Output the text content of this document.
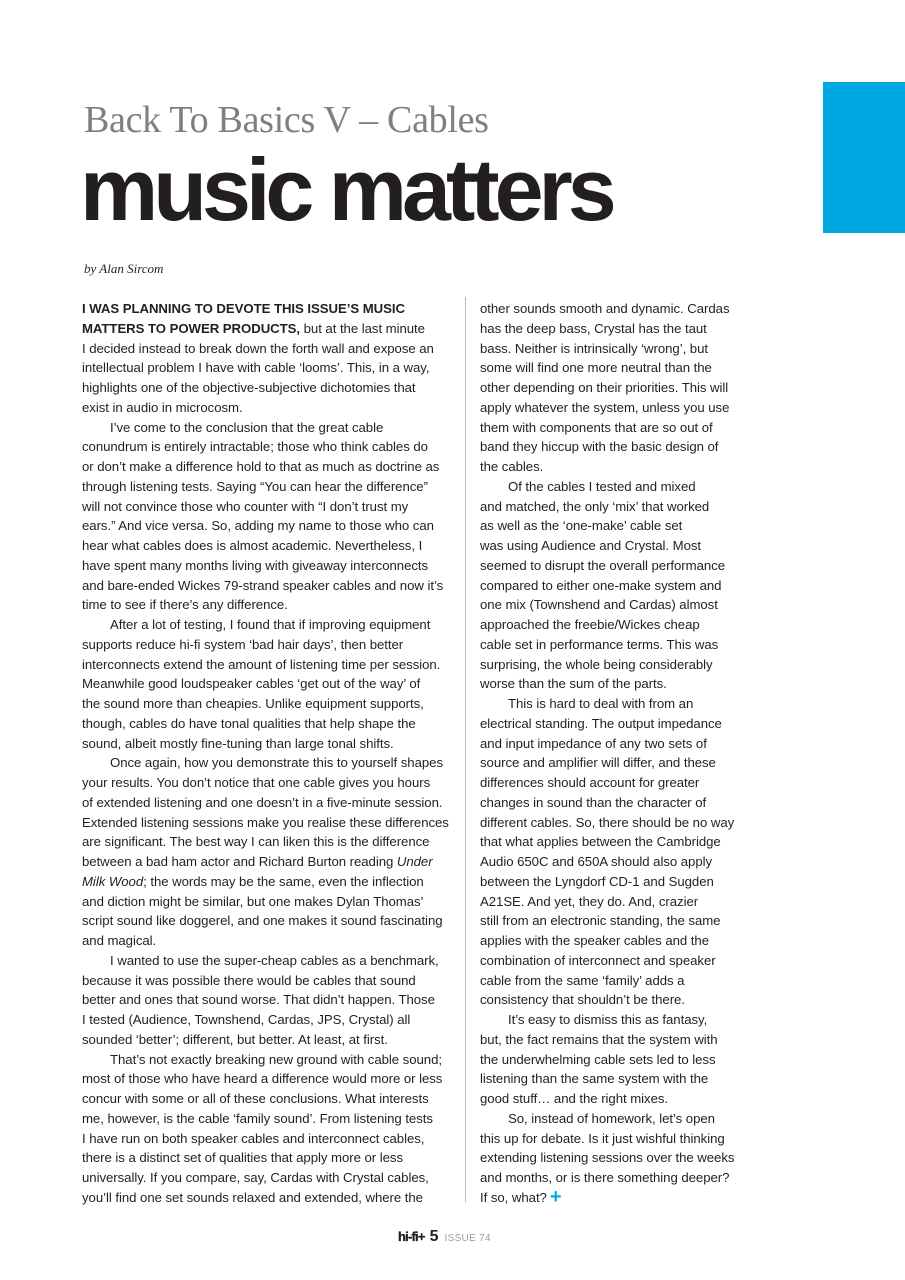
Back To Basics V – Cables
music matters

by Alan Sircom

I WAS PLANNING TO DEVOTE THIS ISSUE’S MUSIC
MATTERS TO POWER PRODUCTS, but at the last minute
I decided instead to break down the forth wall and expose an
intellectual problem I have with cable ‘looms’. This, in a way,
highlights one of the objective-subjective dichotomies that
exist in audio in microcosm.
I’ve come to the conclusion that the great cable
conundrum is entirely intractable; those who think cables do
or don’t make a difference hold to that as much as doctrine as
through listening tests. Saying “You can hear the difference”
will not convince those who counter with “I don’t trust my
ears.” And vice versa. So, adding my name to those who can
hear what cables does is almost academic. Nevertheless, I
have spent many months living with giveaway interconnects
and bare-ended Wickes 79-strand speaker cables and now it’s
time to see if there’s any difference.
After a lot of testing, I found that if improving equipment
supports reduce hi-fi system ‘bad hair days’, then better
interconnects extend the amount of listening time per session.
Meanwhile good loudspeaker cables ‘get out of the way’ of
the sound more than cheapies. Unlike equipment supports,
though, cables do have tonal qualities that help shape the
sound, albeit mostly fine-tuning than large tonal shifts.
Once again, how you demonstrate this to yourself shapes
your results. You don’t notice that one cable gives you hours
of extended listening and one doesn’t in a five-minute session.
Extended listening sessions make you realise these differences
are significant. The best way I can liken this is the difference
between a bad ham actor and Richard Burton reading Under
Milk Wood; the words may be the same, even the inflection
and diction might be similar, but one makes Dylan Thomas’
script sound like doggerel, and one makes it sound fascinating
and magical.
I wanted to use the super-cheap cables as a benchmark,
because it was possible there would be cables that sound
better and ones that sound worse. That didn’t happen. Those
I tested (Audience, Townshend, Cardas, JPS, Crystal) all
sounded ‘better’; different, but better. At least, at first.
That’s not exactly breaking new ground with cable sound;
most of those who have heard a difference would more or less
concur with some or all of these conclusions. What interests
me, however, is the cable ‘family sound’. From listening tests
I have run on both speaker cables and interconnect cables,
there is a distinct set of qualities that apply more or less
universally. If you compare, say, Cardas with Crystal cables,
you’ll find one set sounds relaxed and extended, where the
other sounds smooth and dynamic. Cardas
has the deep bass, Crystal has the taut
bass. Neither is intrinsically ‘wrong’, but
some will find one more neutral than the
other depending on their priorities. This will
apply whatever the system, unless you use
them with components that are so out of
band they hiccup with the basic design of
the cables.
Of the cables I tested and mixed
and matched, the only ‘mix’ that worked
as well as the ‘one-make’ cable set
was using Audience and Crystal. Most
seemed to disrupt the overall performance
compared to either one-make system and
one mix (Townshend and Cardas) almost
approached the freebie/Wickes cheap
cable set in performance terms. This was
surprising, the whole being considerably
worse than the sum of the parts.
This is hard to deal with from an
electrical standing. The output impedance
and input impedance of any two sets of
source and amplifier will differ, and these
differences should account for greater
changes in sound than the character of
different cables. So, there should be no way
that what applies between the Cambridge
Audio 650C and 650A should also apply
between the Lyngdorf CD-1 and Sugden
A21SE. And yet, they do. And, crazier
still from an electronic standing, the same
applies with the speaker cables and the
combination of interconnect and speaker
cable from the same ‘family’ adds a
consistency that shouldn’t be there.
It’s easy to dismiss this as fantasy,
but, the fact remains that the system with
the underwhelming cable sets led to less
listening than the same system with the
good stuff… and the right mixes.
So, instead of homework, let’s open
this up for debate. Is it just wishful thinking
extending listening sessions over the weeks
and months, or is there something deeper?
If so, what? +
hi-fi+ 5 ISSUE 74
